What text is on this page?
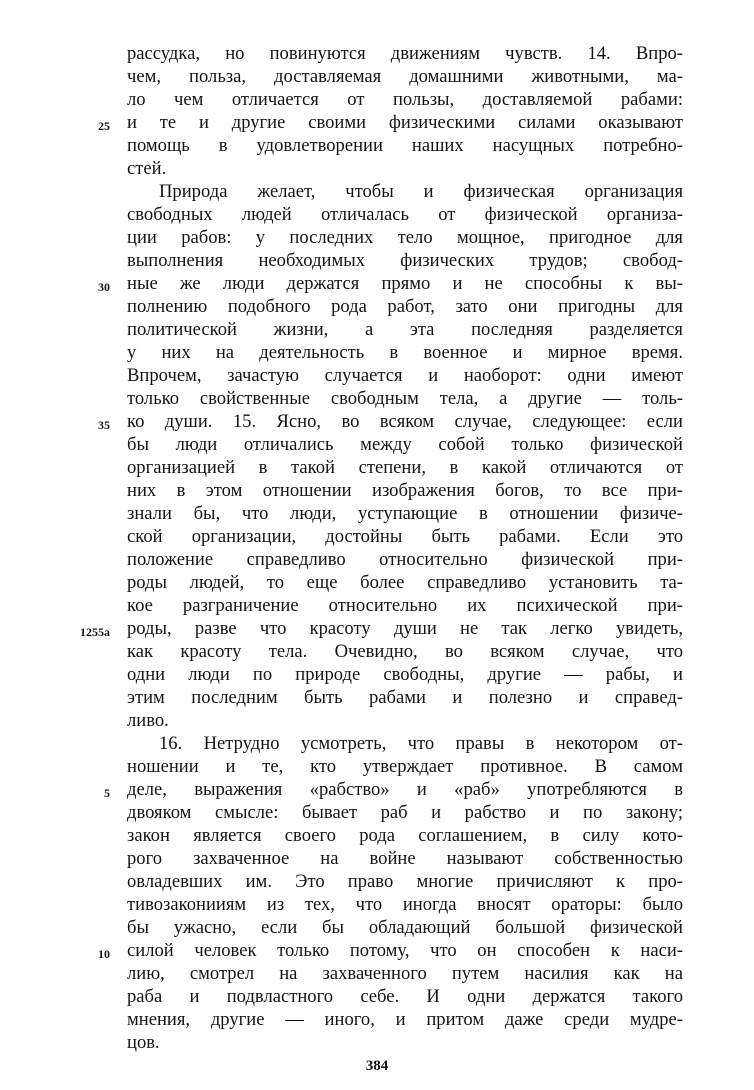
рассудка, но повинуются движениям чувств. 14. Впро-
чем, польза, доставляемая домашними животными, ма-
ло чем отличается от пользы, доставляемой рабами:
25 и те и другие своими физическими силами оказывают
помощь в удовлетворении наших насущных потребно-
стей.
Природа желает, чтобы и физическая организация
свободных людей отличалась от физической организа-
ции рабов: у последних тело мощное, пригодное для
выполнения необходимых физических трудов; свобод-
30 ные же люди держатся прямо и не способны к вы-
полнению подобного рода работ, зато они пригодны для
политической жизни, а эта последняя разделяется
у них на деятельность в военное и мирное время.
Впрочем, зачастую случается и наоборот: одни имеют
только свойственные свободным тела, а другие — толь-
35 ко души. 15. Ясно, во всяком случае, следующее: если
бы люди отличались между собой только физической
организацией в такой степени, в какой отличаются от
них в этом отношении изображения богов, то все при-
знали бы, что люди, уступающие в отношении физиче-
ской организации, достойны быть рабами. Если это
положение справедливо относительно физической при-
роды людей, то еще более справедливо установить та-
кое разграничение относительно их психической при-
1255a роды, разве что красоту души не так легко увидеть,
как красоту тела. Очевидно, во всяком случае, что
одни люди по природе свободны, другие — рабы, и
этим последним быть рабами и полезно и справед-
ливо.
16. Нетрудно усмотреть, что правы в некотором от-
ношении и те, кто утверждает противное. В самом
5 деле, выражения «рабство» и «раб» употребляются в
двояком смысле: бывает раб и рабство и по закону;
закон является своего рода соглашением, в силу кото-
рого захваченное на войне называют собственностью
овладевших им. Это право многие причисляют к про-
тивозаконииям из тех, что иногда вносят ораторы: было
бы ужасно, если бы обладающий большой физической
10 силой человек только потому, что он способен к наси-
лию, смотрел на захваченного путем насилия как на
раба и подвластного себе. И одни держатся такого
мнения, другие — иного, и притом даже среди мудре-
цов.
384
